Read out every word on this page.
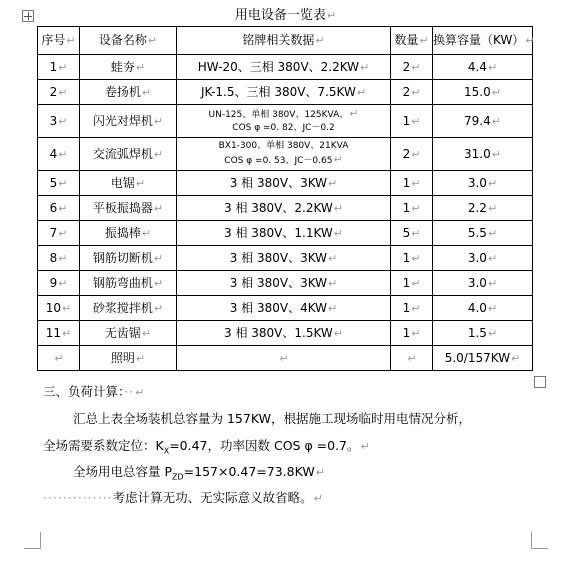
用电设备一览表↵
序号↵	设备名称↵	铭牌相关数据↵	数量↵	换算容量（KW）↵
1↵	蛙夯↵	HW-20、三相 380V、2.2KW↵	2↵	4.4↵
2↵	卷扬机↵	JK-1.5、三相 380V、7.5KW↵	2↵	15.0↵
3↵	闪光对焊机↵	UN-125、单相 380V、125KVA、↵
COS φ =0. 82、JC－0.2	1↵	79.4↵
4↵	交流弧焊机↵	BX1-300、单相 380V、21KVA
COS φ =0. 53、JC－0.65↵	2↵	31.0↵
5↵	电锯↵	3 相 380V、3KW↵	1↵	3.0↵
6↵	平板振捣器↵	3 相 380V、2.2KW↵	1↵	2.2↵
7↵	振捣棒↵	3 相 380V、1.1KW↵	5↵	5.5↵
8↵	钢筋切断机↵	3 相 380V、3KW↵	1↵	3.0↵
9↵	钢筋弯曲机↵	3 相 380V、3KW↵	1↵	3.0↵
10↵	砂浆搅拌机↵	3 相 380V、4KW↵	1↵	4.0↵
11↵	无齿锯↵	3 相 380V、1.5KW↵	1↵	1.5↵
↵	照明↵	↵	↵	5.0/157KW↵
三、负荷计算：··↵
汇总上表全场装机总容量为 157KW，根据施工现场临时用电情况分析，
全场需要系数定位：$K_X=0.47$，功率因数 COS φ =0.7。↵
全场用电总容量 $P_{ZD}=157\times 0.47=73.8KW↵$
··············考虑计算无功、无实际意义故省略。↵
